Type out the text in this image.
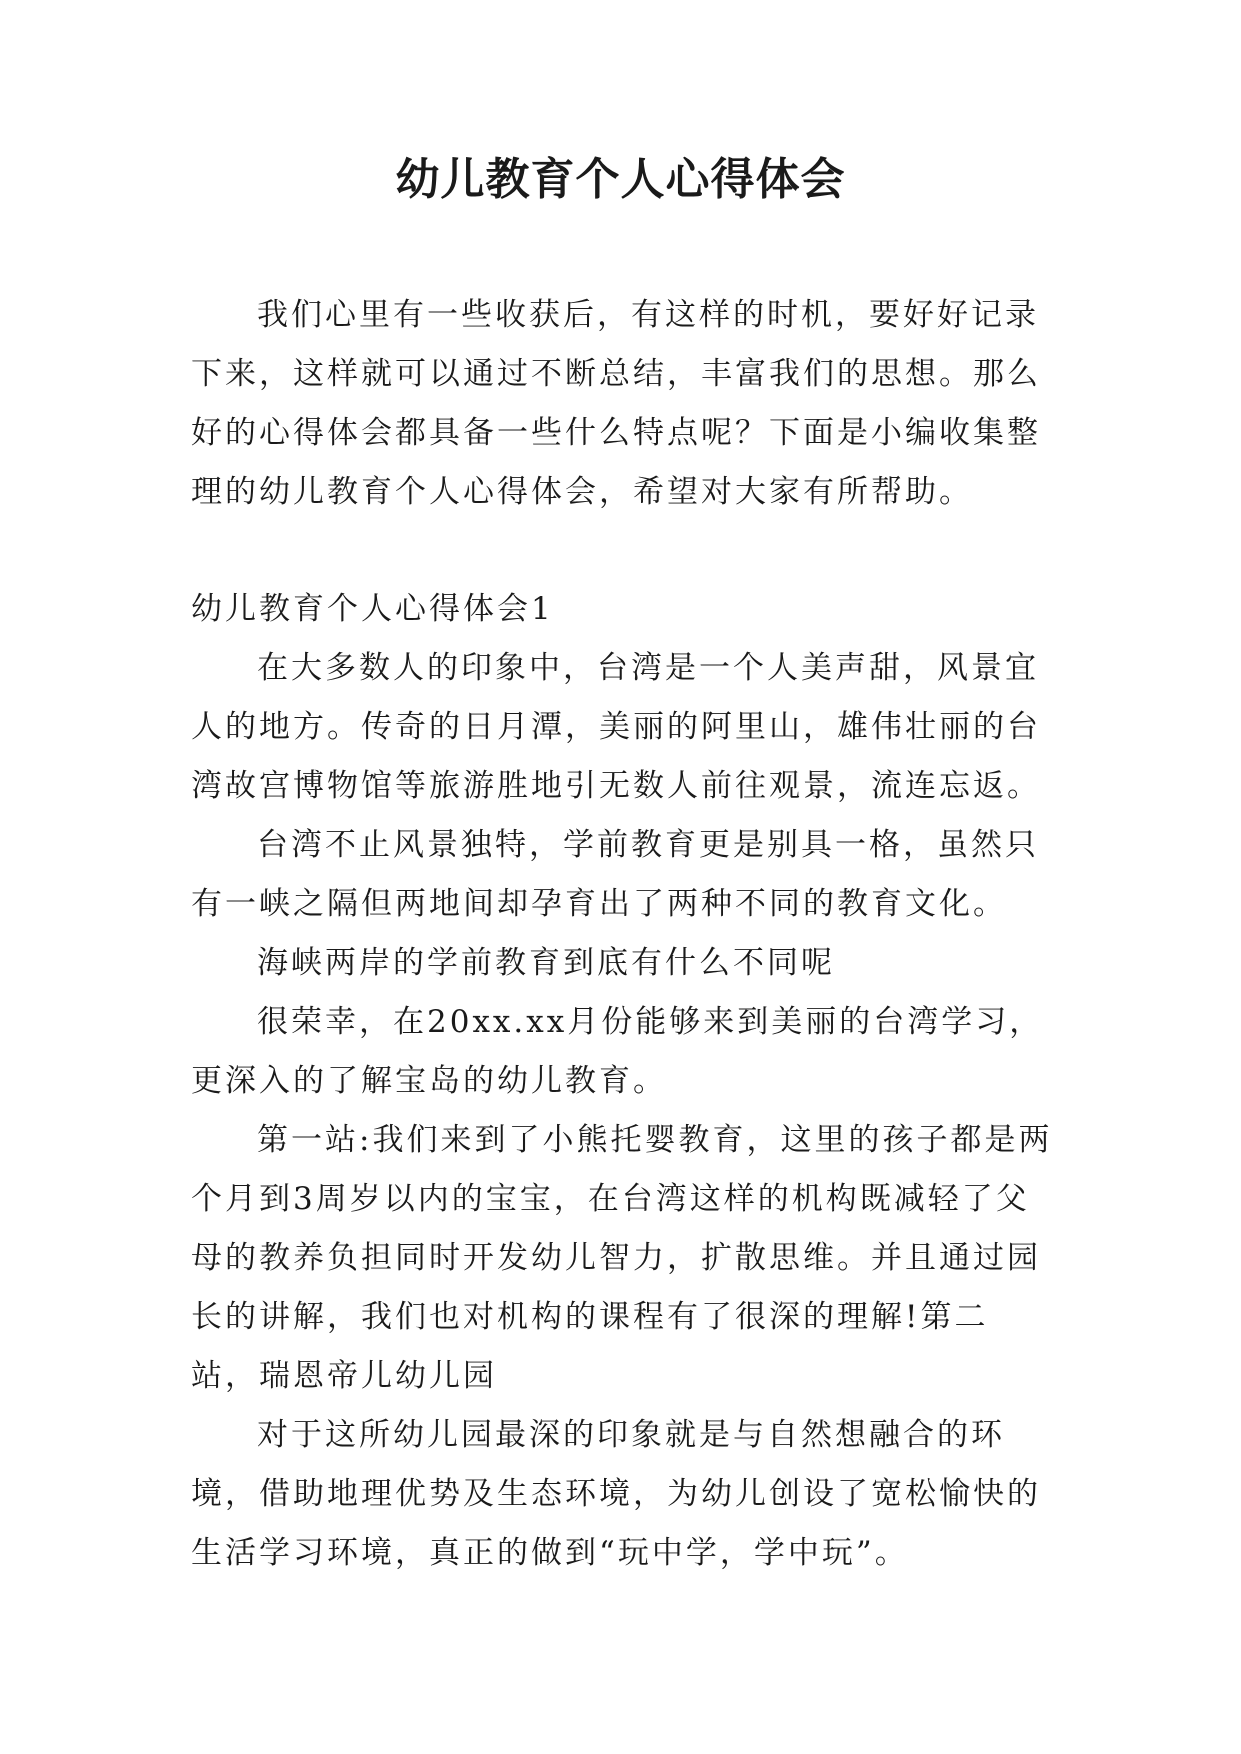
幼儿教育个人心得体会

我们心里有一些收获后，有这样的时机，要好好记录下来，这样就可以通过不断总结，丰富我们的思想。那么好的心得体会都具备一些什么特点呢？下面是小编收集整理的幼儿教育个人心得体会，希望对大家有所帮助。

幼儿教育个人心得体会1

在大多数人的印象中，台湾是一个人美声甜，风景宜人的地方。传奇的日月潭，美丽的阿里山，雄伟壮丽的台湾故宫博物馆等旅游胜地引无数人前往观景，流连忘返。

台湾不止风景独特，学前教育更是别具一格，虽然只有一峡之隔但两地间却孕育出了两种不同的教育文化。

海峡两岸的学前教育到底有什么不同呢

很荣幸，在20xx.xx月份能够来到美丽的台湾学习，更深入的了解宝岛的幼儿教育。

第一站:我们来到了小熊托婴教育，这里的孩子都是两个月到3周岁以内的宝宝，在台湾这样的机构既减轻了父母的教养负担同时开发幼儿智力，扩散思维。并且通过园长的讲解，我们也对机构的课程有了很深的理解!第二站，瑞恩帝儿幼儿园

对于这所幼儿园最深的印象就是与自然想融合的环境，借助地理优势及生态环境，为幼儿创设了宽松愉快的生活学习环境，真正的做到“玩中学，学中玩”。
